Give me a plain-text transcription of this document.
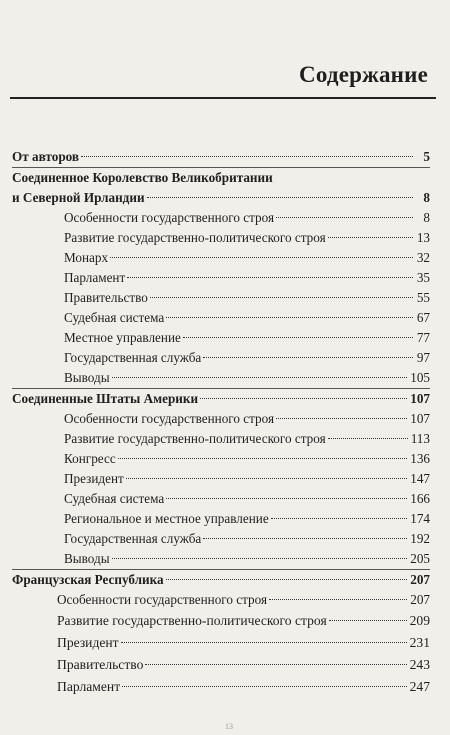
Содержание
От авторов	5
Соединенное Королевство Великобритании
и Северной Ирландии	8
Особенности государственного строя	8
Развитие государственно-политического строя	13
Монарх	32
Парламент	35
Правительство	55
Судебная система	67
Местное управление	77
Государственная служба	97
Выводы	105
Соединенные Штаты Америки	107
Особенности государственного строя	107
Развитие государственно-политического строя	113
Конгресс	136
Президент	147
Судебная система	166
Региональное и местное управление	174
Государственная служба	192
Выводы	205
Французская Республика	207
Особенности государственного строя	207
Развитие государственно-политического строя	209
Президент	231
Правительство	243
Парламент	247
13
